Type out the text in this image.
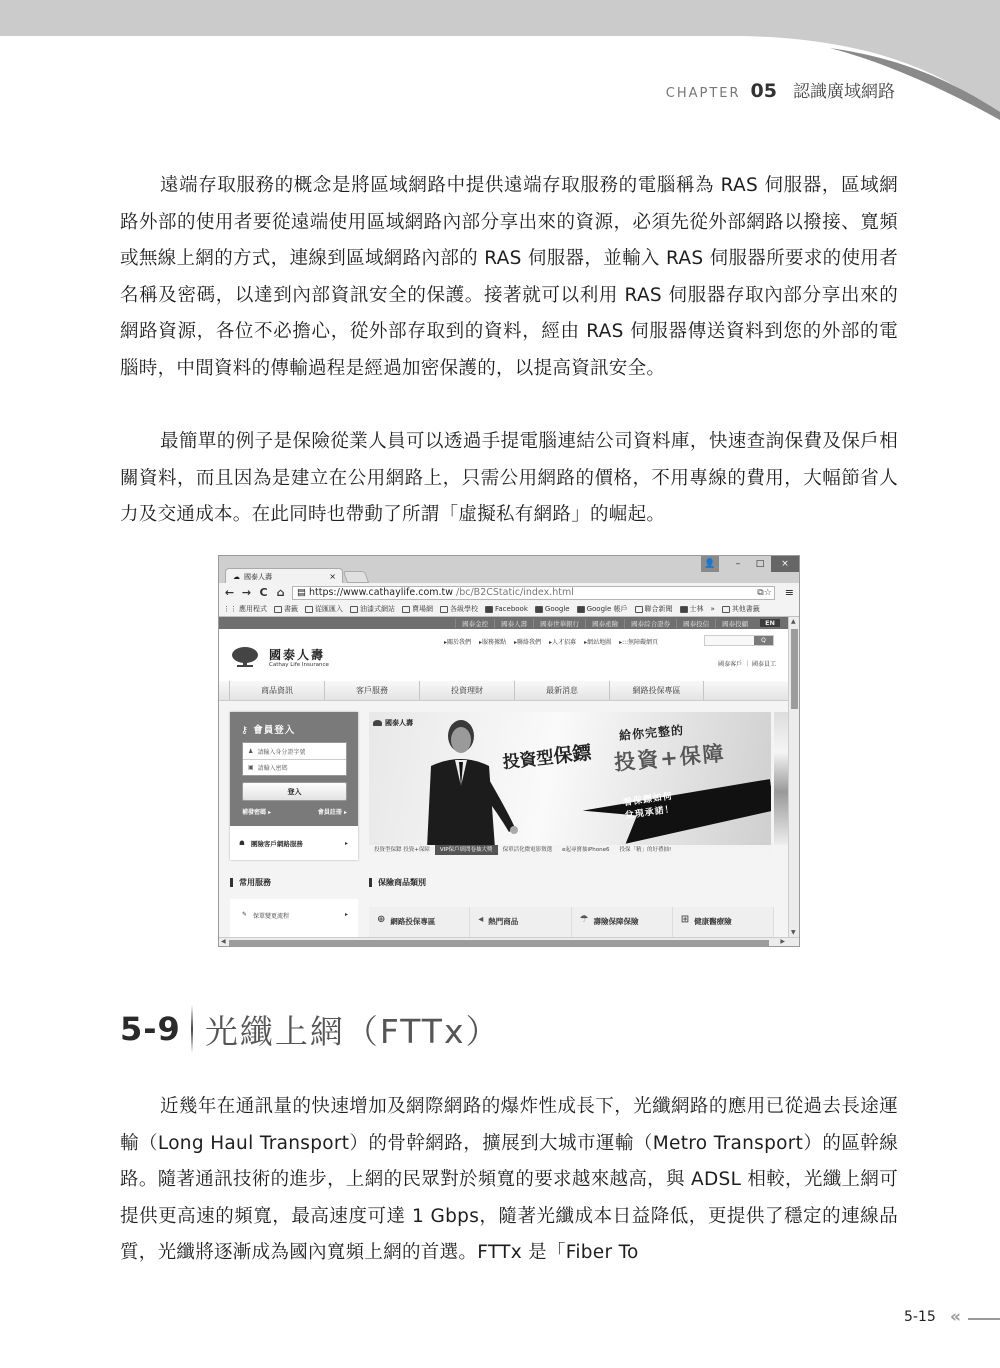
CHAPTER 05 認識廣域網路

遠端存取服務的概念是將區域網路中提供遠端存取服務的電腦稱為 RAS 伺服器，區域網路外部的使用者要從遠端使用區域網路內部分享出來的資源，必須先從外部網路以撥接、寬頻或無線上網的方式，連線到區域網路內部的 RAS 伺服器，並輸入 RAS 伺服器所要求的使用者名稱及密碼，以達到內部資訊安全的保護。接著就可以利用 RAS 伺服器存取內部分享出來的網路資源，各位不必擔心，從外部存取到的資料，經由 RAS 伺服器傳送資料到您的外部的電腦時，中間資料的傳輸過程是經過加密保護的，以提高資訊安全。

最簡單的例子是保險從業人員可以透過手提電腦連結公司資料庫，快速查詢保費及保戶相關資料，而且因為是建立在公用網路上，只需公用網路的價格，不用專線的費用，大幅節省人力及交通成本。在此同時也帶動了所謂「虛擬私有網路」的崛起。

☁ 國泰人壽	×
👤	–	□	×
← → C ⌂ ▤ https://www.cathaylife.com.tw /bc/B2CStatic/index.html	⧉☆ ≡
⋮⋮ 應用程式 書籤 從匯匯入 油漆式網站 賣場網 各級學校 Facebook Google Google 帳戶 聯合新聞 士林 » 其他書籤
國泰金控	國泰人壽	國泰世華銀行	國泰產險	國泰綜合證券	國泰投信	國泰投顧	EN
國泰人壽
Cathay Life Insurance
▸關於我們 ▸服務據點 ▸聯絡我們 ▸人才招募 ▸網站地圖 ▸:::無障礙網頁	Q
國泰客戶 ｜ 國泰員工
商品資訊	客戶服務	投資理財	最新消息	網路投保專區
⚷ 會員登入
♟ 請輸入身分證字號
▣ 請輸入密碼
登入
補發密碼 ▸	會員註冊 ▸
☗ 團險客戶網路服務	▸
國泰人壽
投資型保鏢
給你完整的
投資+保障
看保鏢如何
兌現承諾！
投資型保鏢 投資+保障	VIP保戶填問卷抽大獎	保單活化微電影徵選	e起尋寶抽iPhone6	投保「精」的好禮抽!
常用服務	保險商品類別
✎ 保單變更流程	▸	⊕ 網路投保專區	◂ 熱門商品	☂ 壽險保障保險	⊞ 健康醫療險
▲
▼
◀	▶
5-9 光纖上網（FTTx）

近幾年在通訊量的快速增加及網際網路的爆炸性成長下，光纖網路的應用已從過去長途運輸（Long Haul Transport）的骨幹網路，擴展到大城市運輸（Metro Transport）的區幹線路。隨著通訊技術的進步，上網的民眾對於頻寬的要求越來越高，與 ADSL 相較，光纖上網可提供更高速的頻寬，最高速度可達 1 Gbps，隨著光纖成本日益降低，更提供了穩定的連線品質，光纖將逐漸成為國內寬頻上網的首選。FTTx 是「Fiber To

5-15 «
